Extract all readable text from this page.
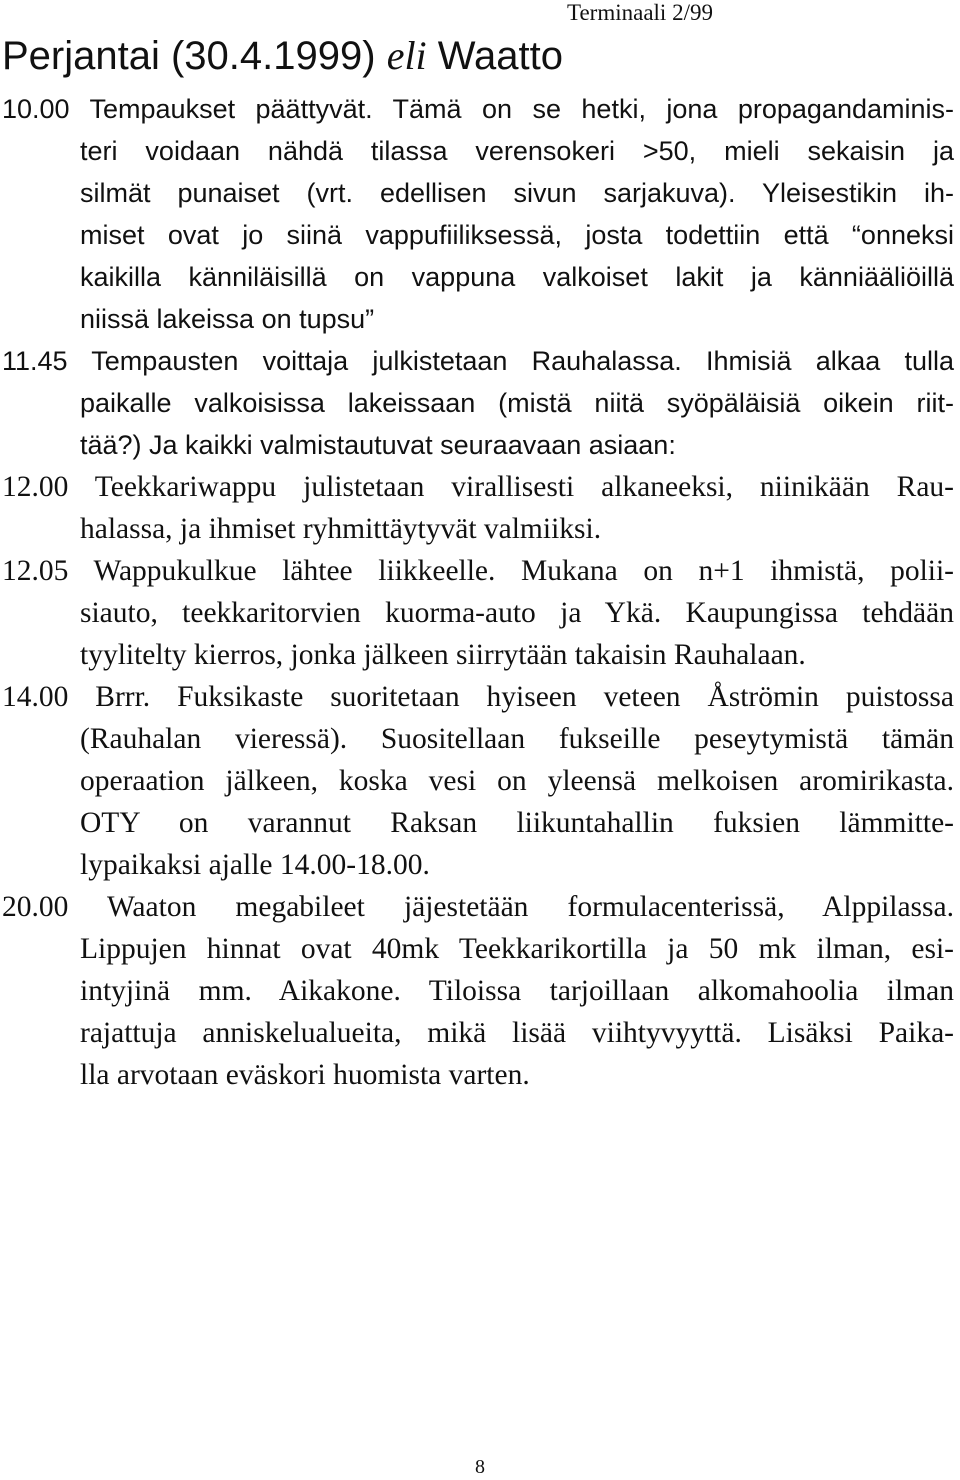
Terminaali 2/99
Perjantai (30.4.1999) eli Waatto
10.00 Tempaukset päättyvät. Tämä on se hetki, jona propagandaminis-
teri voidaan nähdä tilassa verensokeri >50, mieli sekaisin ja
silmät punaiset (vrt. edellisen sivun sarjakuva). Yleisestikin ih-
miset ovat jo siinä vappufiiliksessä, josta todettiin että “onneksi
kaikilla känniläisillä on vappuna valkoiset lakit ja känniääliöillä
niissä lakeissa on tupsu”
11.45 Tempausten voittaja julkistetaan Rauhalassa. Ihmisiä alkaa tulla
paikalle valkoisissa lakeissaan (mistä niitä syöpäläisiä oikein riit-
tää?) Ja kaikki valmistautuvat seuraavaan asiaan:
12.00 Teekkariwappu julistetaan virallisesti alkaneeksi, niinikään Rau-
halassa, ja ihmiset ryhmittäytyvät valmiiksi.
12.05 Wappukulkue lähtee liikkeelle. Mukana on n+1 ihmistä, polii-
siauto, teekkaritorvien kuorma-auto ja Ykä. Kaupungissa tehdään
tyylitelty kierros, jonka jälkeen siirrytään takaisin Rauhalaan.
14.00 Brrr. Fuksikaste suoritetaan hyiseen veteen Åströmin puistossa
(Rauhalan vieressä). Suositellaan fukseille peseytymistä tämän
operaation jälkeen, koska vesi on yleensä melkoisen aromirikasta.
OTY on varannut Raksan liikuntahallin fuksien lämmitte-
lypaikaksi ajalle 14.00-18.00.
20.00 Waaton megabileet jäjestetään formulacenterissä, Alppilassa.
Lippujen hinnat ovat 40mk Teekkarikortilla ja 50 mk ilman, esi-
intyjinä mm. Aikakone. Tiloissa tarjoillaan alkomahoolia ilman
rajattuja anniskelualueita, mikä lisää viihtyvyyttä. Lisäksi Paika-
lla arvotaan eväskori huomista varten.
8
